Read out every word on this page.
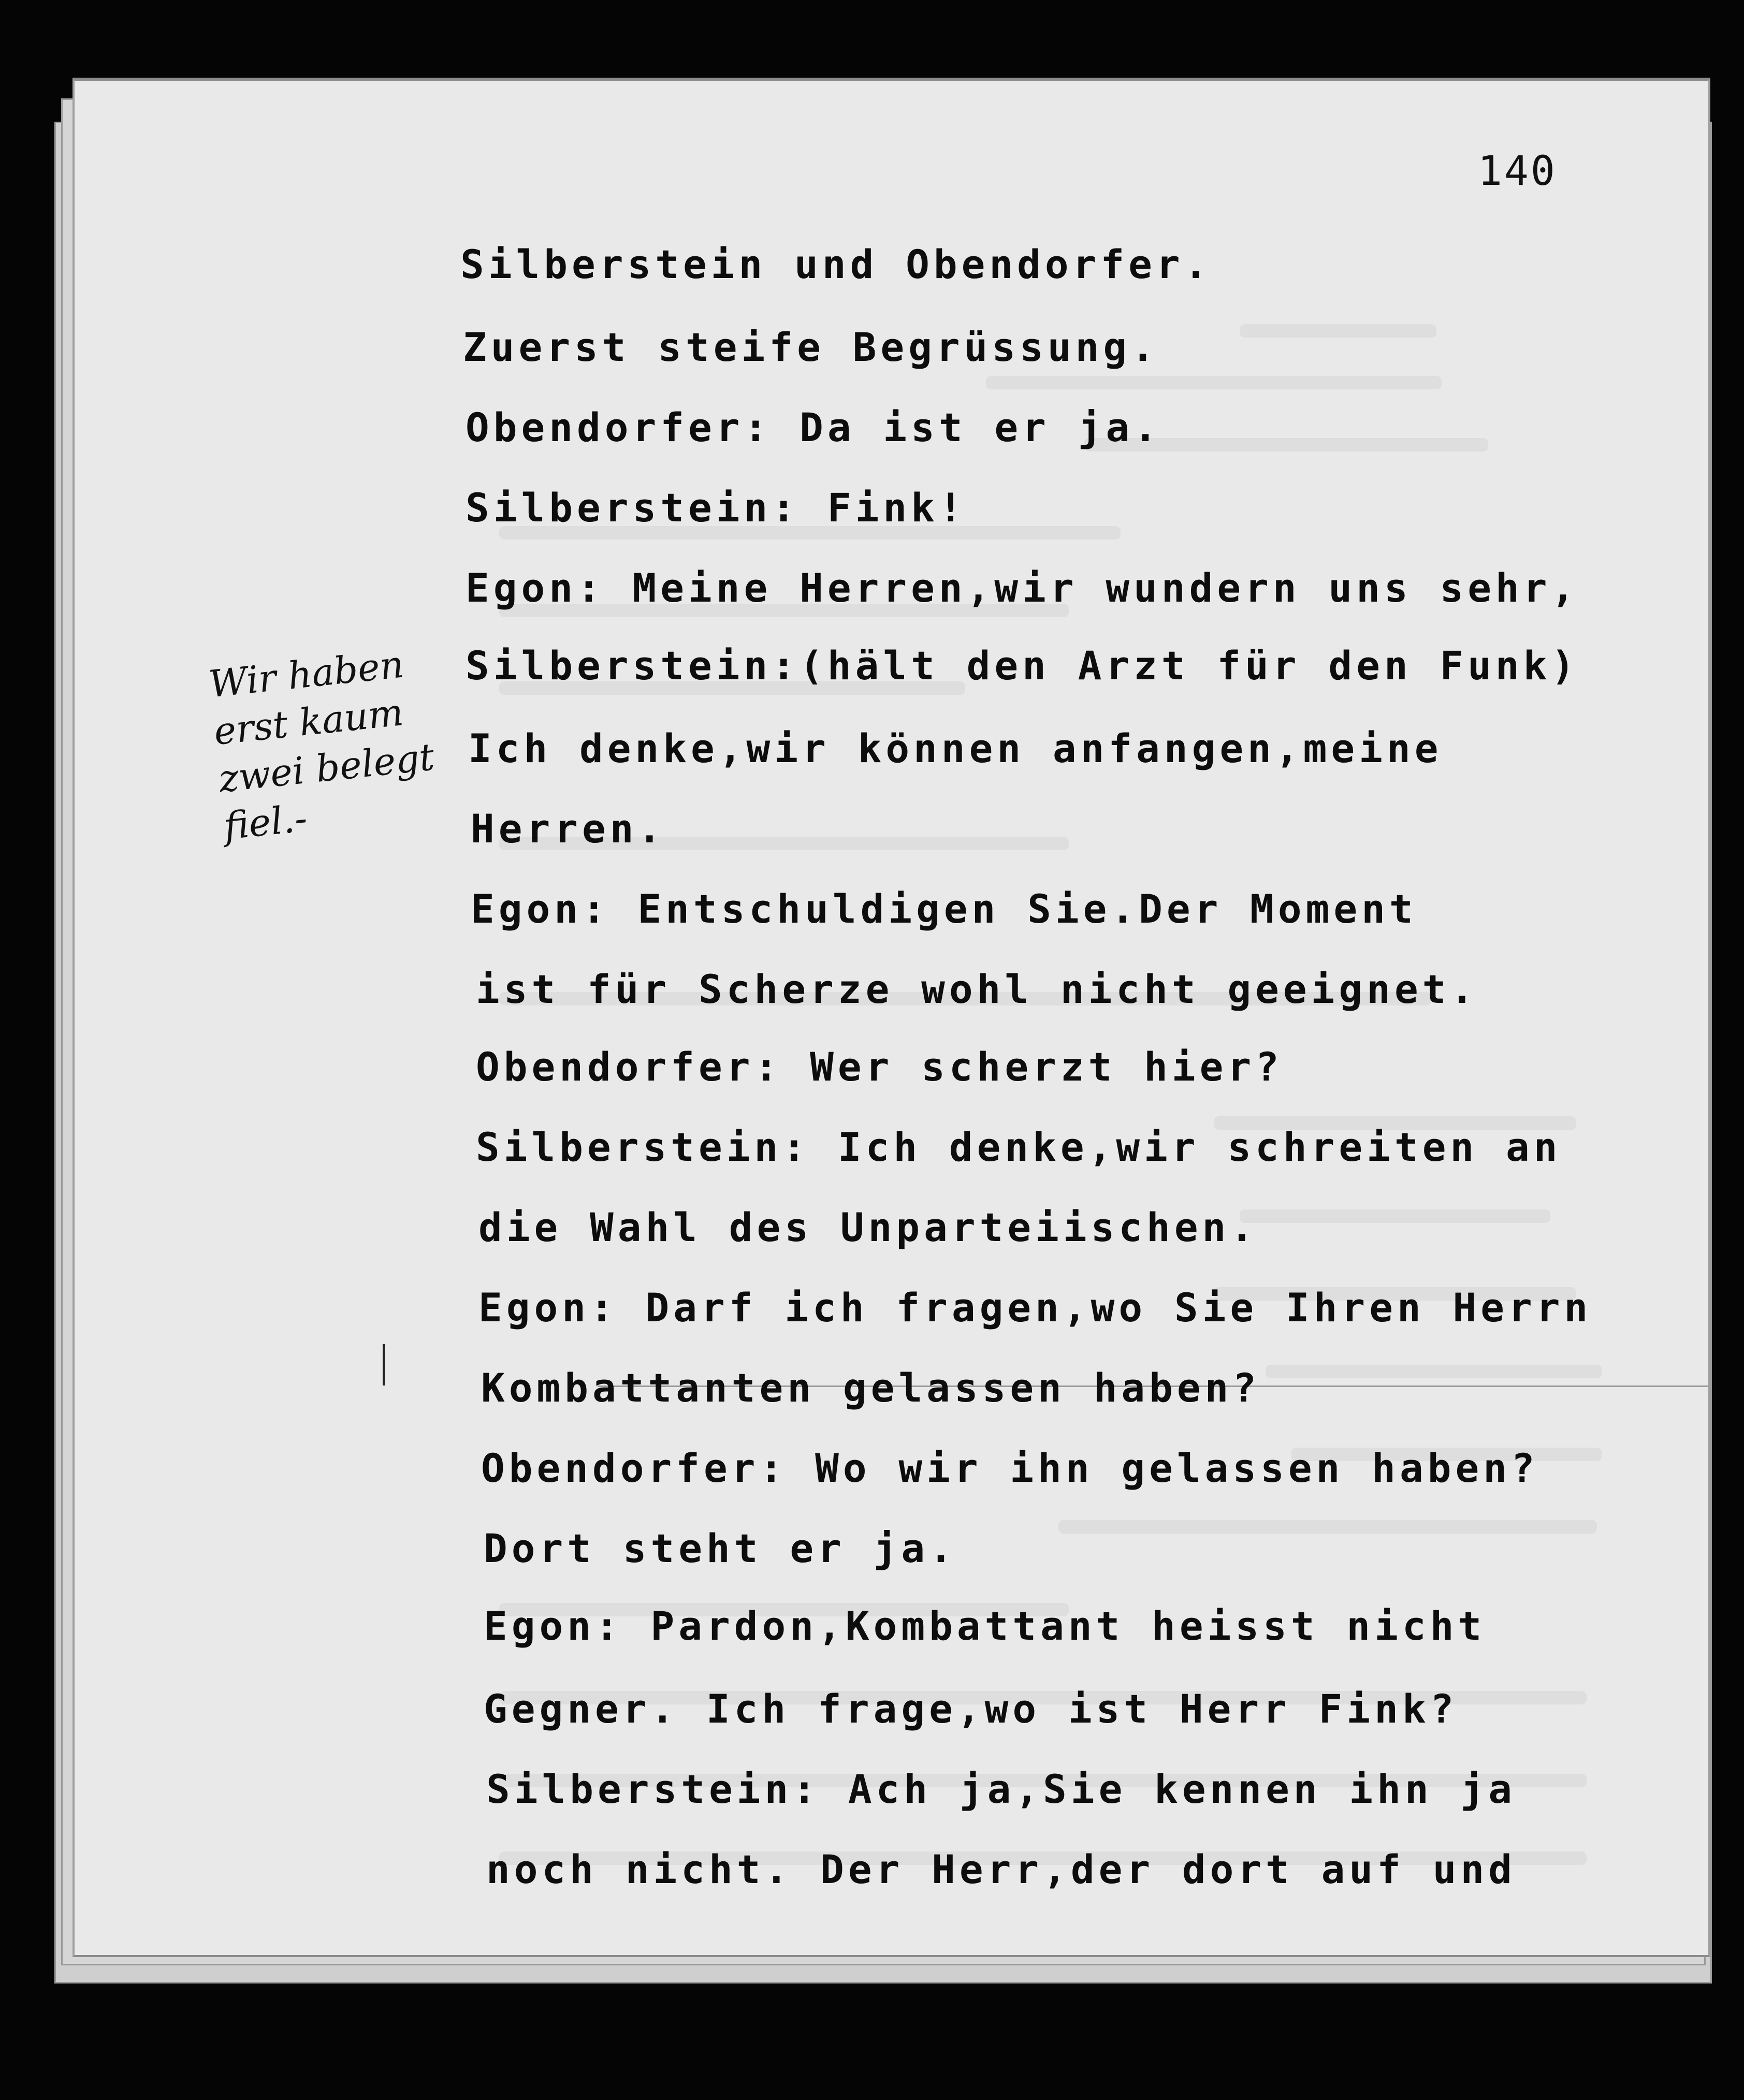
140
Silberstein und Obendorfer.
Zuerst steife Begrüssung.
Obendorfer: Da ist er ja.
Silberstein: Fink!
Egon: Meine Herren,wir wundern uns sehr,
Silberstein:(hält den Arzt für den Funk)
Ich denke,wir können anfangen,meine
Herren.
Egon: Entschuldigen Sie.Der Moment
ist für Scherze wohl nicht geeignet.
Obendorfer: Wer scherzt hier?
Silberstein: Ich denke,wir schreiten an
die Wahl des Unparteiischen.
Egon: Darf ich fragen,wo Sie Ihren Herrn
Kombattanten gelassen haben?
Obendorfer: Wo wir ihn gelassen haben?
Dort steht er ja.
Egon: Pardon,Kombattant heisst nicht
Gegner. Ich frage,wo ist Herr Fink?
Silberstein: Ach ja,Sie kennen ihn ja
noch nicht. Der Herr,der dort auf und
Wir haben
erst kaum
zwei belegt
fiel.-
